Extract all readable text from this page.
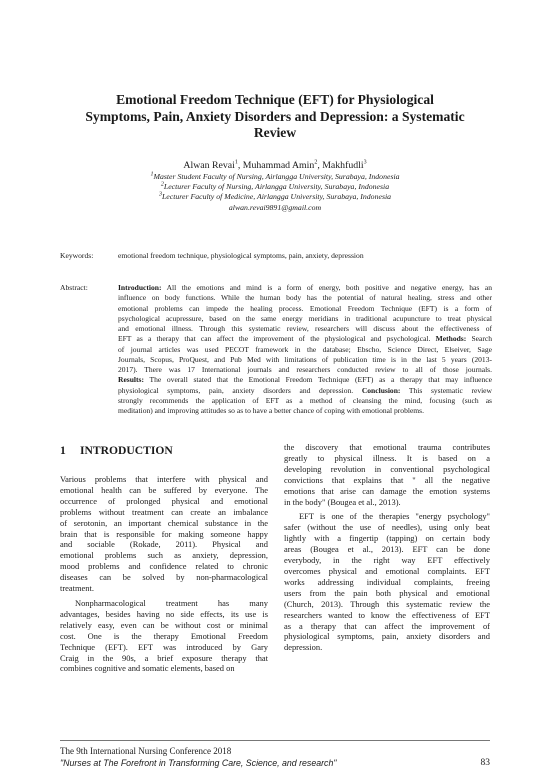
Emotional Freedom Technique (EFT) for Physiological
Symptoms, Pain, Anxiety Disorders and Depression: a Systematic
Review
Alwan Revai$^1$, Muhammad Amin$^2$, Makhfudli$^3$
$^1$Master Student Faculty of Nursing, Airlangga University, Surabaya, Indonesia
$^2$Lecturer Faculty of Nursing, Airlangga University, Surabaya, Indonesia
$^3$Lecturer Faculty of Medicine, Airlangga University, Surabaya, Indonesia
alwan.revai9891@gmail.com
Keywords:	emotional freedom technique, physiological symptoms, pain, anxiety, depression
Abstract:	Introduction: All the emotions and mind is a form of energy, both positive and negative energy, has an
influence on body functions. While the human body has the potential of natural healing, stress and other
emotional problems can impede the healing process. Emotional Freedom Technique (EFT) is a form of
psychological acupressure, based on the same energy meridians in traditional acupuncture to treat physical
and emotional illness. Through this systematic review, researchers will discuss about the effectiveness of
EFT as a therapy that can affect the improvement of the physiological and psychological. Methods: Search
of journal articles was used PECOT framework in the database; Ebscho, Science Direct, Elseiver, Sage
Journals, Scopus, ProQuest, and Pub Med with limitations of publication time is in the last 5 years (2013-
2017). There was 17 International journals and researchers conducted review to all of those journals.
Results: The overall stated that the Emotional Freedom Technique (EFT) as a therapy that may influence
physiological symptoms, pain, anxiety disorders and depression. Conclusion: This systematic review
strongly recommends the application of EFT as a method of cleansing the mind, focusing (such as
meditation) and improving attitudes so as to have a better chance of coping with emotional problems.
1 INTRODUCTION
Various problems that interfere with physical and
emotional health can be suffered by everyone. The
occurrence of prolonged physical and emotional
problems without treatment can create an imbalance
of serotonin, an important chemical substance in the
brain that is responsible for making someone happy
and sociable (Rokade, 2011). Physical and
emotional problems such as anxiety, depression,
mood problems and confidence related to chronic
diseases can be solved by non-pharmacological
treatment.
Nonpharmacological treatment has many
advantages, besides having no side effects, its use is
relatively easy, even can be without cost or minimal
cost. One is the therapy Emotional Freedom
Technique (EFT). EFT was introduced by Gary
Craig in the 90s, a brief exposure therapy that
combines cognitive and somatic elements, based on
the discovery that emotional trauma contributes
greatly to physical illness. It is based on a
developing revolution in conventional psychological
convictions that explains that " all the negative
emotions that arise can damage the emotion systems
in the body" (Bougea et al., 2013).
EFT is one of the therapies "energy psychology"
safer (without the use of needles), using only beat
lightly with a fingertip (tapping) on certain body
areas (Bougea et al., 2013). EFT can be done
everybody, in the right way EFT effectively
overcomes physical and emotional complaints. EFT
works addressing individual complaints, freeing
users from the pain both physical and emotional
(Church, 2013). Through this systematic review the
researchers wanted to know the effectiveness of EFT
as a therapy that can affect the improvement of
physiological symptoms, pain, anxiety disorders and
depression.
The 9th International Nursing Conference 2018
"Nurses at The Forefront in Transforming Care, Science, and research"	83
